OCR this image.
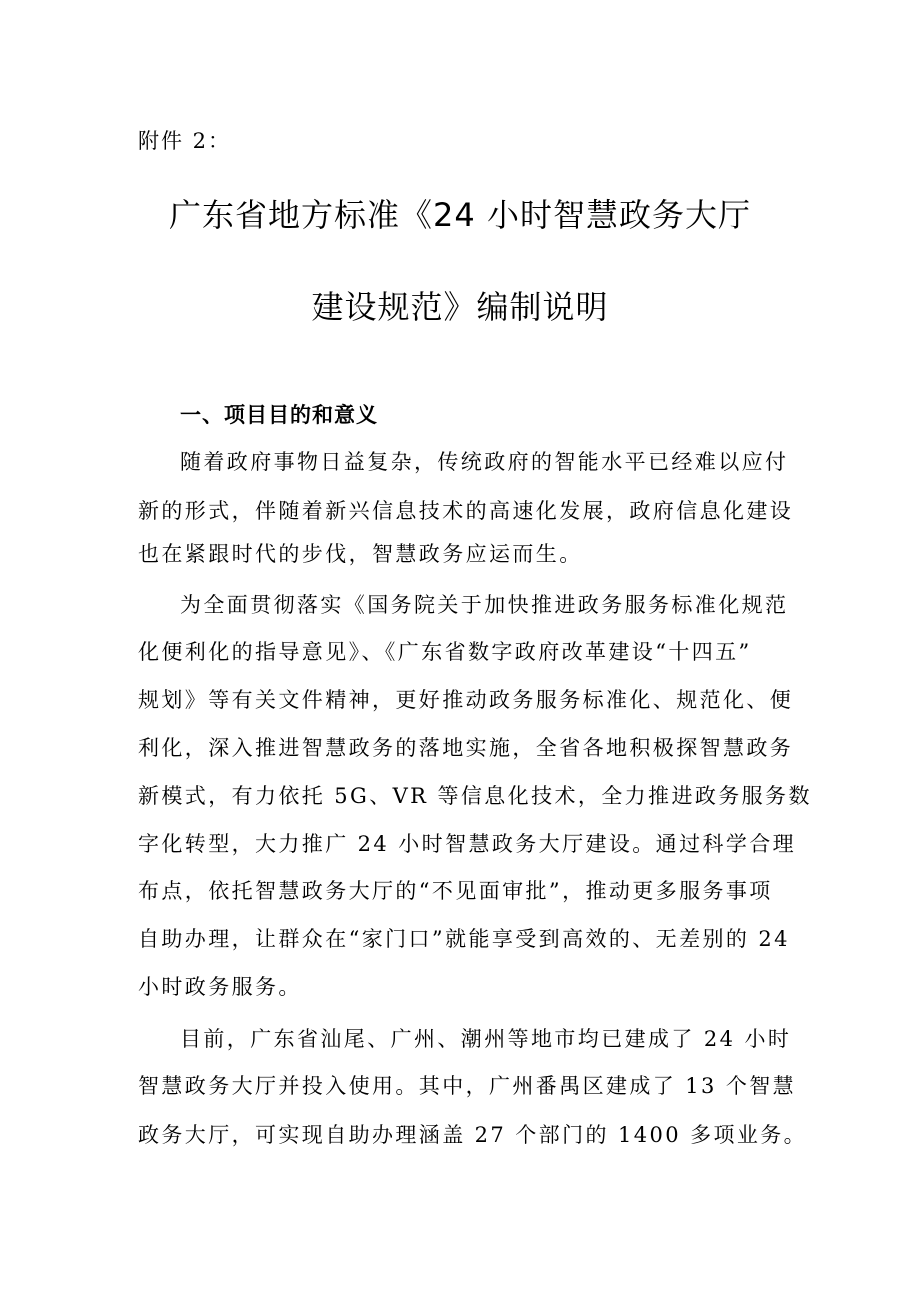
附件 2：
广东省地方标准《24 小时智慧政务大厅
建设规范》编制说明
一、项目目的和意义
随着政府事物日益复杂，传统政府的智能水平已经难以应付
新的形式，伴随着新兴信息技术的高速化发展，政府信息化建设
也在紧跟时代的步伐，智慧政务应运而生。
为全面贯彻落实《国务院关于加快推进政务服务标准化规范
化便利化的指导意见》、《广东省数字政府改革建设“十四五”
规划》等有关文件精神，更好推动政务服务标准化、规范化、便
利化，深入推进智慧政务的落地实施，全省各地积极探智慧政务
新模式，有力依托 5G、VR 等信息化技术，全力推进政务服务数
字化转型，大力推广 24 小时智慧政务大厅建设。通过科学合理
布点，依托智慧政务大厅的“不见面审批”，推动更多服务事项
自助办理，让群众在“家门口”就能享受到高效的、无差别的 24
小时政务服务。
目前，广东省汕尾、广州、潮州等地市均已建成了 24 小时
智慧政务大厅并投入使用。其中，广州番禺区建成了 13 个智慧
政务大厅，可实现自助办理涵盖 27 个部门的 1400 多项业务。
